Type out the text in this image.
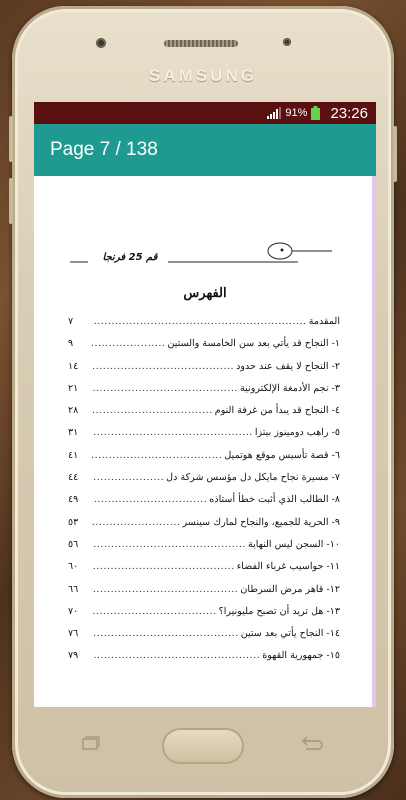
SAMSUNG
91% 23:26
Page 7 / 138
قم 25 فرنجا
الفهرس
المقدمة
.....
٧
١- النجاح قد يأتي بعد سن الخامسة والستين
.....
٩
٢- النجاح لا يقف عند حدود
.....
١٤
٣- نجم الأدمغة الإلكترونية
.....
٢١
٤- النجاح قد يبدأ من غرفة النوم
.....
٢٨
٥- راهب دومينوز بيتزا
.....
٣١
٦- قصة تأسيس موقع هوتميل
.....
٤١
٧- مسيرة نجاح مايكل دل مؤسس شركة دل
.....
٤٤
٨- الطالب الذي أثبت خطأ أستاذه
.....
٤٩
٩- الحرية للجميع، والنجاح لمارك سينسر
.....
٥٣
١٠- السجن ليس النهاية
.....
٥٦
١١- حواسيب غرباء الفضاء
.....
٦٠
١٢- قاهر مرض السرطان
.....
٦٦
١٣- هل تريد أن تصبح مليونيرا؟
.....
٧٠
١٤- النجاح يأتي بعد ستين
.....
٧٦
١٥- جمهورية القهوة
.....
٧٩
